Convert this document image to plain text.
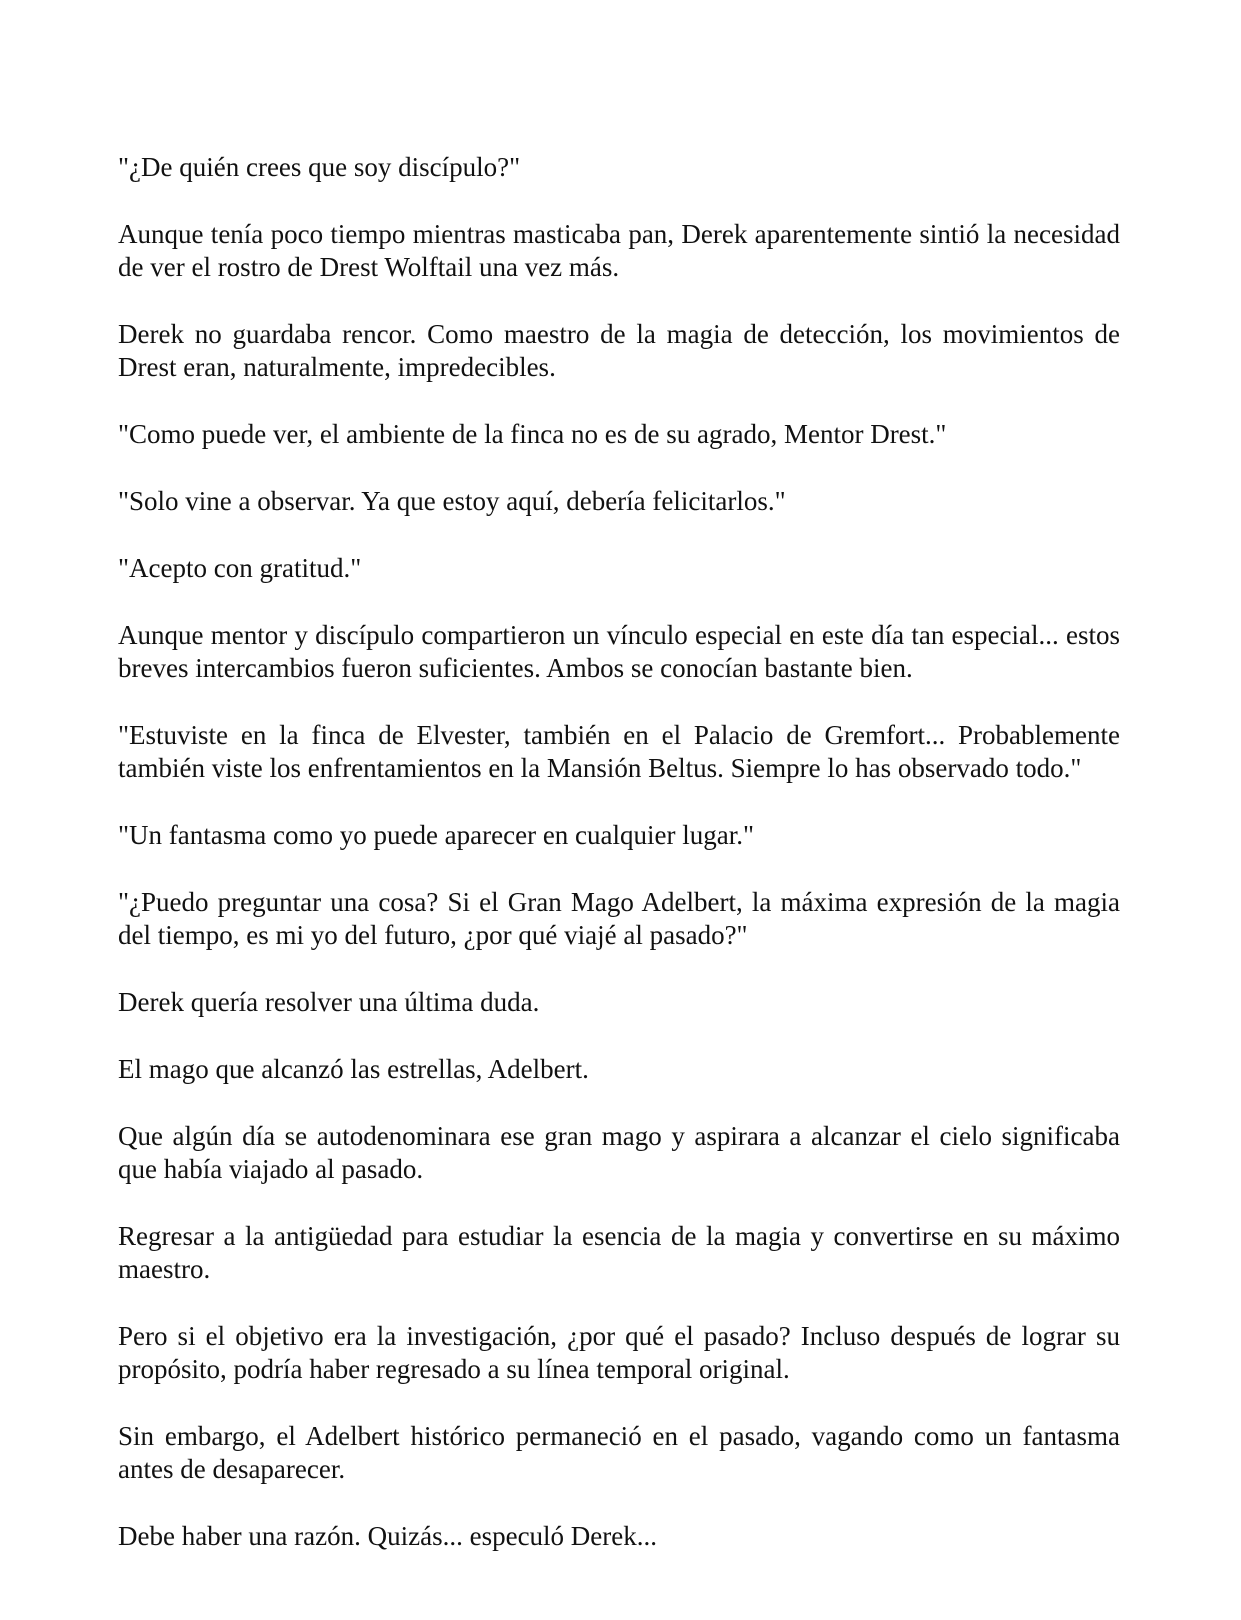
"¿De quién crees que soy discípulo?"

Aunque tenía poco tiempo mientras masticaba pan, Derek aparentemente sintió la necesidad de ver el rostro de Drest Wolftail una vez más.

Derek no guardaba rencor. Como maestro de la magia de detección, los movimientos de Drest eran, naturalmente, impredecibles.

"Como puede ver, el ambiente de la finca no es de su agrado, Mentor Drest."

"Solo vine a observar. Ya que estoy aquí, debería felicitarlos."

"Acepto con gratitud."

Aunque mentor y discípulo compartieron un vínculo especial en este día tan especial... estos breves intercambios fueron suficientes. Ambos se conocían bastante bien.

"Estuviste en la finca de Elvester, también en el Palacio de Gremfort... Probablemente también viste los enfrentamientos en la Mansión Beltus. Siempre lo has observado todo."

"Un fantasma como yo puede aparecer en cualquier lugar."

"¿Puedo preguntar una cosa? Si el Gran Mago Adelbert, la máxima expresión de la magia del tiempo, es mi yo del futuro, ¿por qué viajé al pasado?"

Derek quería resolver una última duda.

El mago que alcanzó las estrellas, Adelbert.

Que algún día se autodenominara ese gran mago y aspirara a alcanzar el cielo significaba que había viajado al pasado.

Regresar a la antigüedad para estudiar la esencia de la magia y convertirse en su máximo maestro.

Pero si el objetivo era la investigación, ¿por qué el pasado? Incluso después de lograr su propósito, podría haber regresado a su línea temporal original.

Sin embargo, el Adelbert histórico permaneció en el pasado, vagando como un fantasma antes de desaparecer.

Debe haber una razón. Quizás... especuló Derek...
